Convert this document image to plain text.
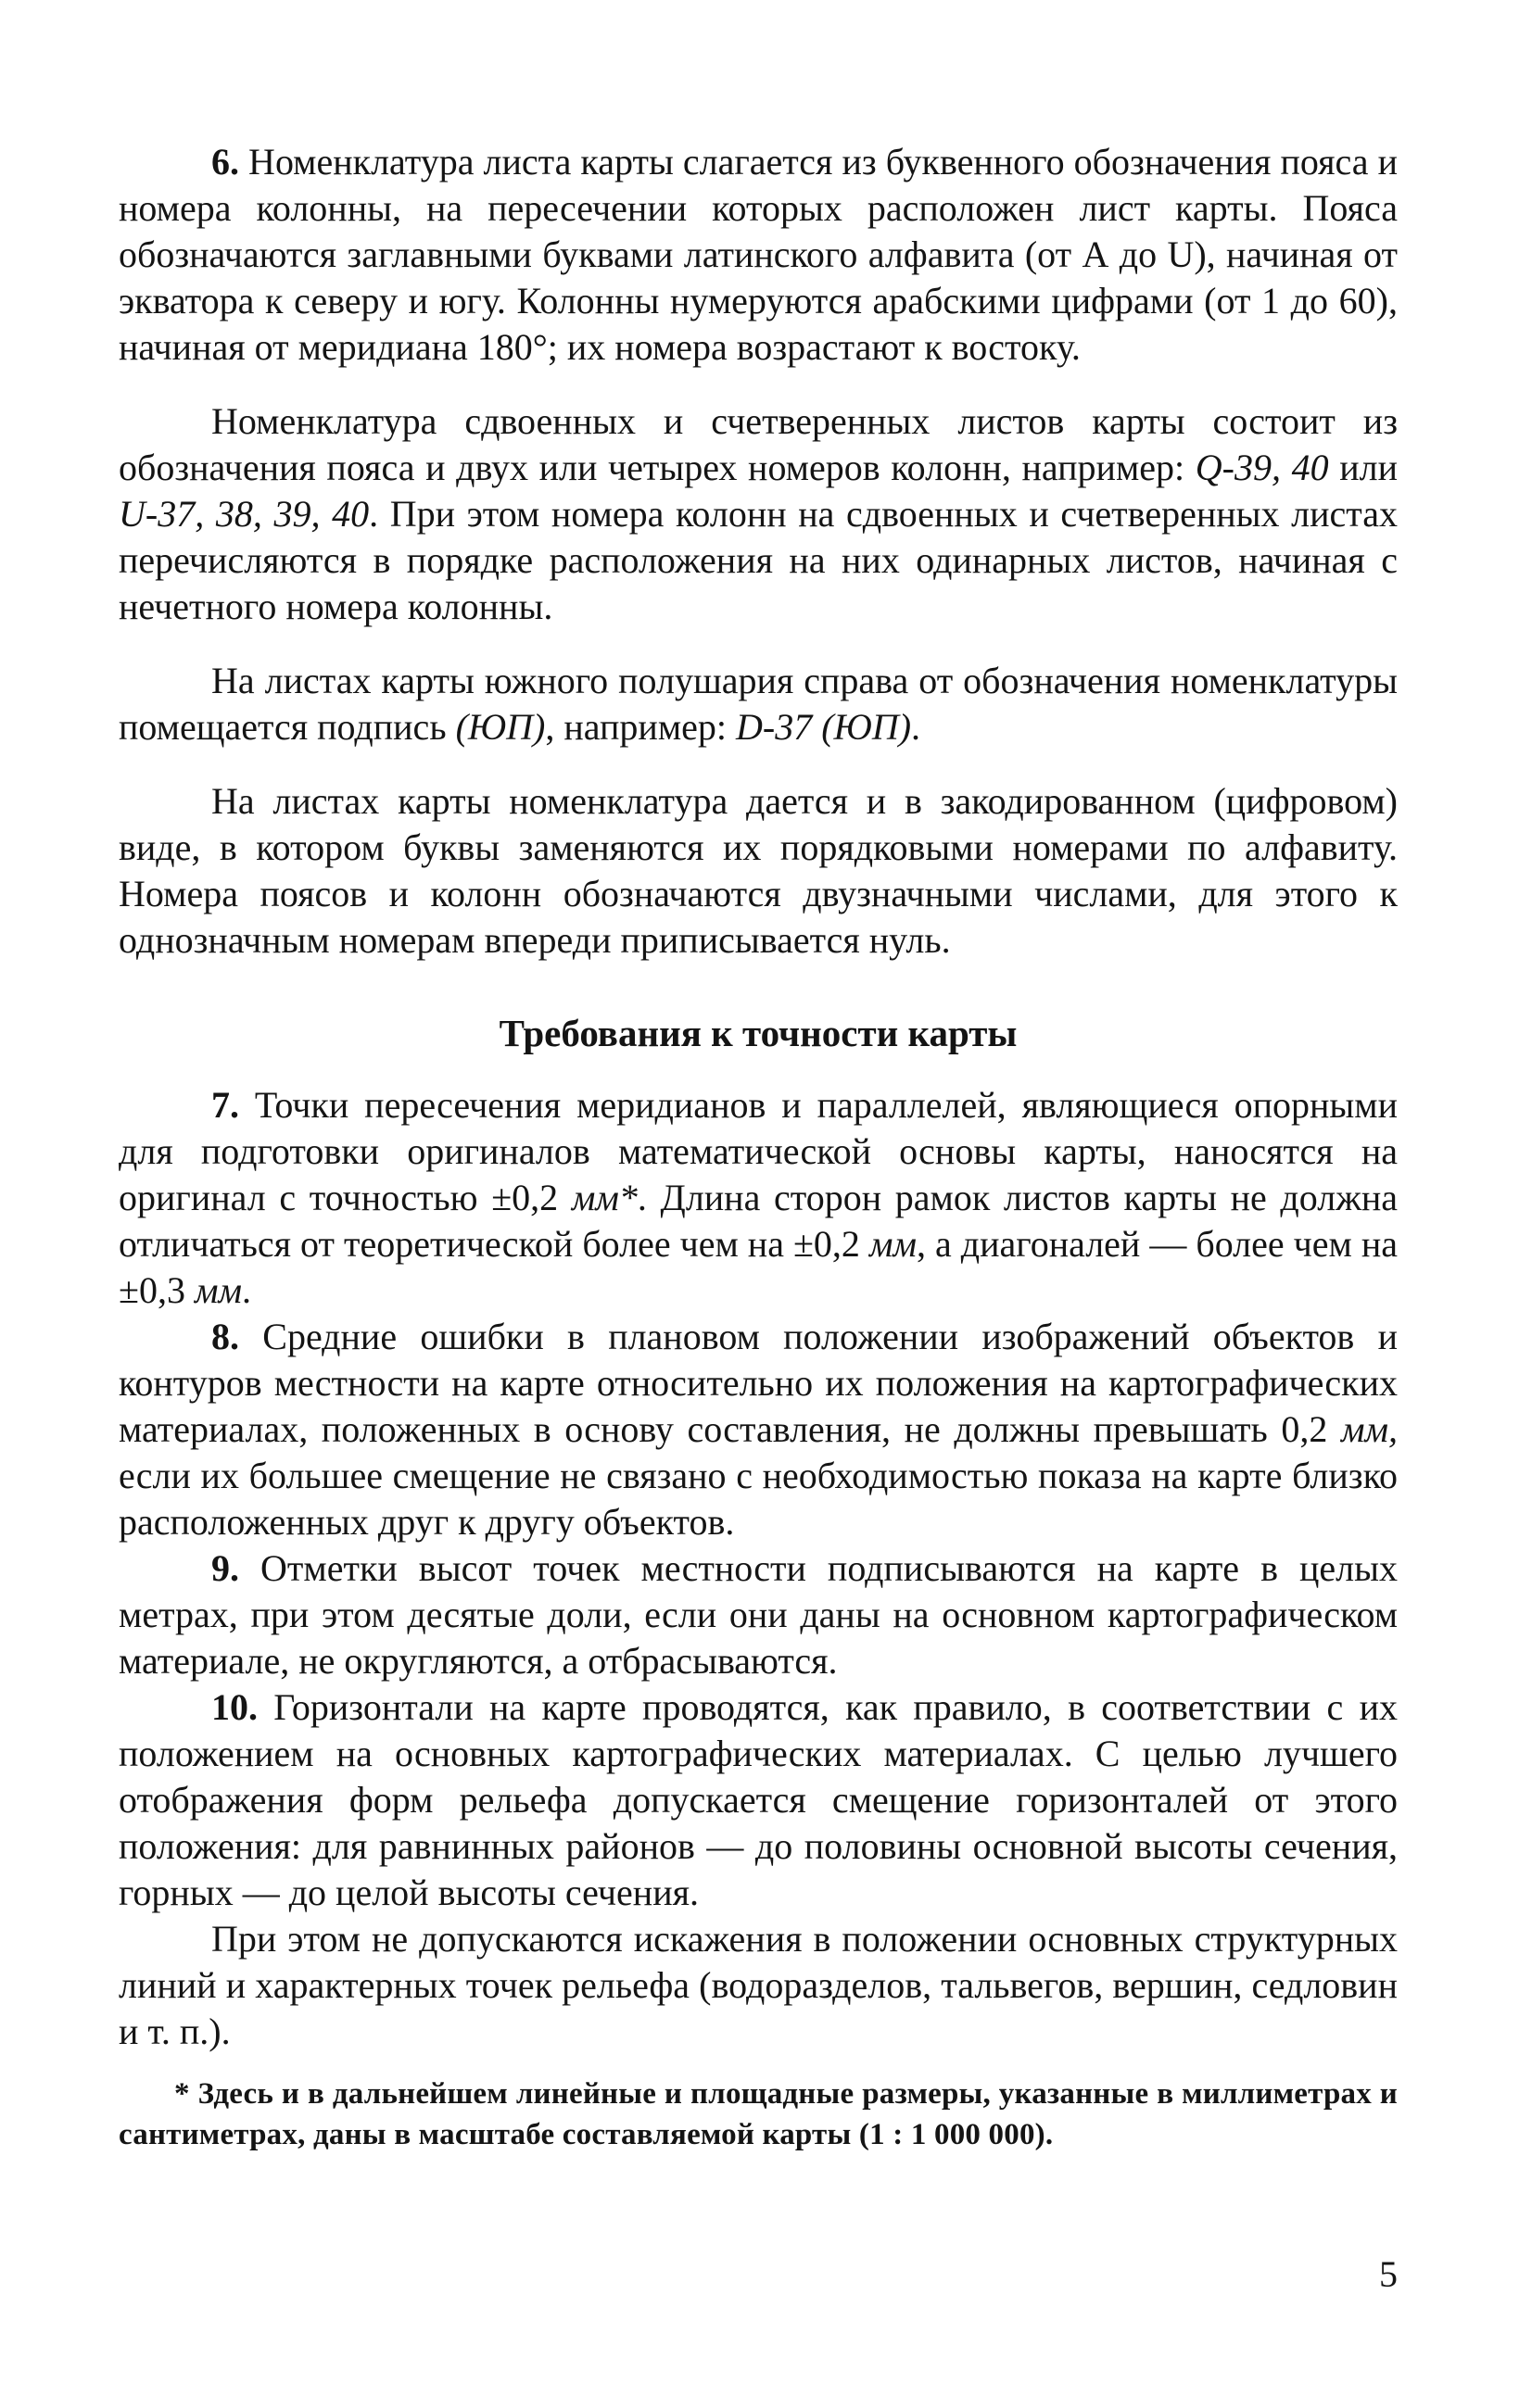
6. Номенклатура листа карты слагается из буквенного обозначения пояса и номера колонны, на пересечении которых расположен лист карты. Пояса обозначаются заглавными буквами латинского алфавита (от А до U), начиная от экватора к северу и югу. Колонны нумеруются арабскими цифрами (от 1 до 60), начиная от меридиана 180°; их номера возрастают к востоку.

Номенклатура сдвоенных и счетверенных листов карты состоит из обозначения пояса и двух или четырех номеров колонн, например: Q-39, 40 или U-37, 38, 39, 40. При этом номера колонн на сдвоенных и счетверенных листах перечисляются в порядке расположения на них одинарных листов, начиная с нечетного номера колонны.

На листах карты южного полушария справа от обозначения номенклатуры помещается подпись (ЮП), например: D-37 (ЮП).

На листах карты номенклатура дается и в закодированном (цифровом) виде, в котором буквы заменяются их порядковыми номерами по алфавиту. Номера поясов и колонн обозначаются двузначными числами, для этого к однозначным номерам впереди приписывается нуль.

Требования к точности карты

7. Точки пересечения меридианов и параллелей, являющиеся опорными для подготовки оригиналов математической основы карты, наносятся на оригинал с точностью ±0,2 мм*. Длина сторон рамок листов карты не должна отличаться от теоретической более чем на ±0,2 мм, а диагоналей — более чем на ±0,3 мм.

8. Средние ошибки в плановом положении изображений объектов и контуров местности на карте относительно их положения на картографических материалах, положенных в основу составления, не должны превышать 0,2 мм, если их большее смещение не связано с необходимостью показа на карте близко расположенных друг к другу объектов.

9. Отметки высот точек местности подписываются на карте в целых метрах, при этом десятые доли, если они даны на основном картографическом материале, не округляются, а отбрасываются.

10. Горизонтали на карте проводятся, как правило, в соответствии с их положением на основных картографических материалах. С целью лучшего отображения форм рельефа допускается смещение горизонталей от этого положения: для равнинных районов — до половины основной высоты сечения, горных — до целой высоты сечения.

При этом не допускаются искажения в положении основных структурных линий и характерных точек рельефа (водоразделов, тальвегов, вершин, седловин и т. п.).

* Здесь и в дальнейшем линейные и площадные размеры, указанные в миллиметрах и сантиметрах, даны в масштабе составляемой карты (1 : 1 000 000).

5
